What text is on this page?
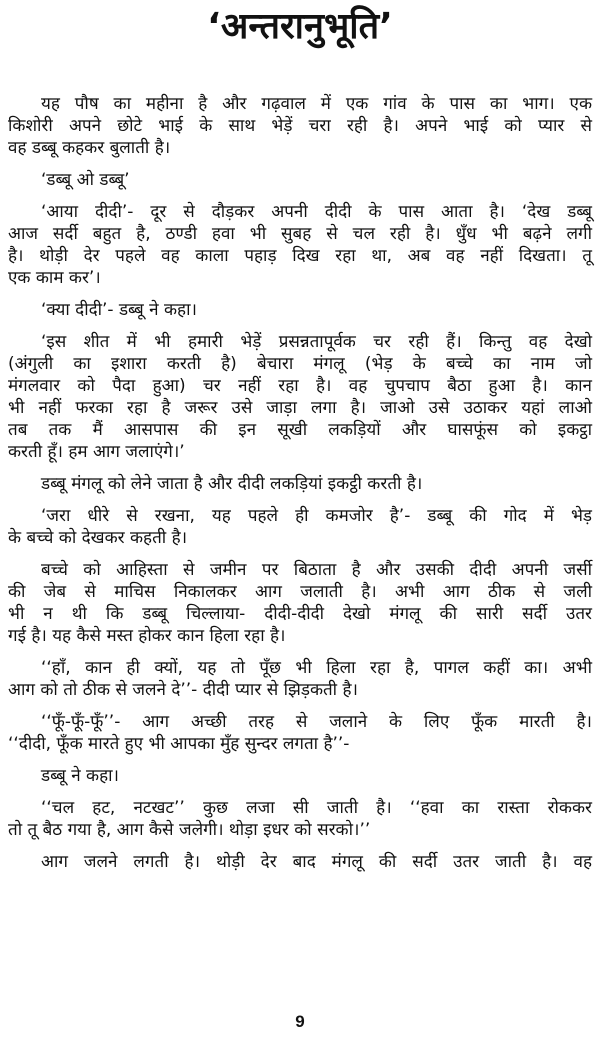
‘अन्तरानुभूति’
यह पौष का महीना है और गढ़वाल में एक गांव के पास का भाग। एक
किशोरी अपने छोटे भाई के साथ भेड़ें चरा रही है। अपने भाई को प्यार से
वह डब्बू कहकर बुलाती है।
‘डब्बू ओ डब्बू’
‘आया दीदी’- दूर से दौड़कर अपनी दीदी के पास आता है। ‘देख डब्बू
आज सर्दी बहुत है, ठण्डी हवा भी सुबह से चल रही है। धुँध भी बढ़ने लगी
है। थोड़ी देर पहले वह काला पहाड़ दिख रहा था, अब वह नहीं दिखता। तू
एक काम कर’।
‘क्या दीदी’- डब्बू ने कहा।
‘इस शीत में भी हमारी भेड़ें प्रसन्नतापूर्वक चर रही हैं। किन्तु वह देखो
(अंगुली का इशारा करती है) बेचारा मंगलू (भेड़ के बच्चे का नाम जो
मंगलवार को पैदा हुआ) चर नहीं रहा है। वह चुपचाप बैठा हुआ है। कान
भी नहीं फरका रहा है जरूर उसे जाड़ा लगा है। जाओ उसे उठाकर यहां लाओ
तब तक मैं आसपास की इन सूखी लकड़ियों और घासफूंस को इकट्ठा
करती हूँ। हम आग जलाएंगे।’
डब्बू मंगलू को लेने जाता है और दीदी लकड़ियां इकट्ठी करती है।
‘जरा धीरे से रखना, यह पहले ही कमजोर है’- डब्बू की गोद में भेड़
के बच्चे को देखकर कहती है।
बच्चे को आहिस्ता से जमीन पर बिठाता है और उसकी दीदी अपनी जर्सी
की जेब से माचिस निकालकर आग जलाती है। अभी आग ठीक से जली
भी न थी कि डब्बू चिल्लाया- दीदी-दीदी देखो मंगलू की सारी सर्दी उतर
गई है। यह कैसे मस्त होकर कान हिला रहा है।
‘‘हाँ, कान ही क्यों, यह तो पूँछ भी हिला रहा है, पागल कहीं का। अभी
आग को तो ठीक से जलने दे’’- दीदी प्यार से झिड़कती है।
‘‘फूँ-फूँ-फूँ’’- आग अच्छी तरह से जलाने के लिए फूँक मारती है।
‘‘दीदी, फूँक मारते हुए भी आपका मुँह सुन्दर लगता है’’-
डब्बू ने कहा।
‘‘चल हट, नटखट’’ कुछ लजा सी जाती है। ‘‘हवा का रास्ता रोककर
तो तू बैठ गया है, आग कैसे जलेगी। थोड़ा इधर को सरको।’’
आग जलने लगती है। थोड़ी देर बाद मंगलू की सर्दी उतर जाती है। वह
9
